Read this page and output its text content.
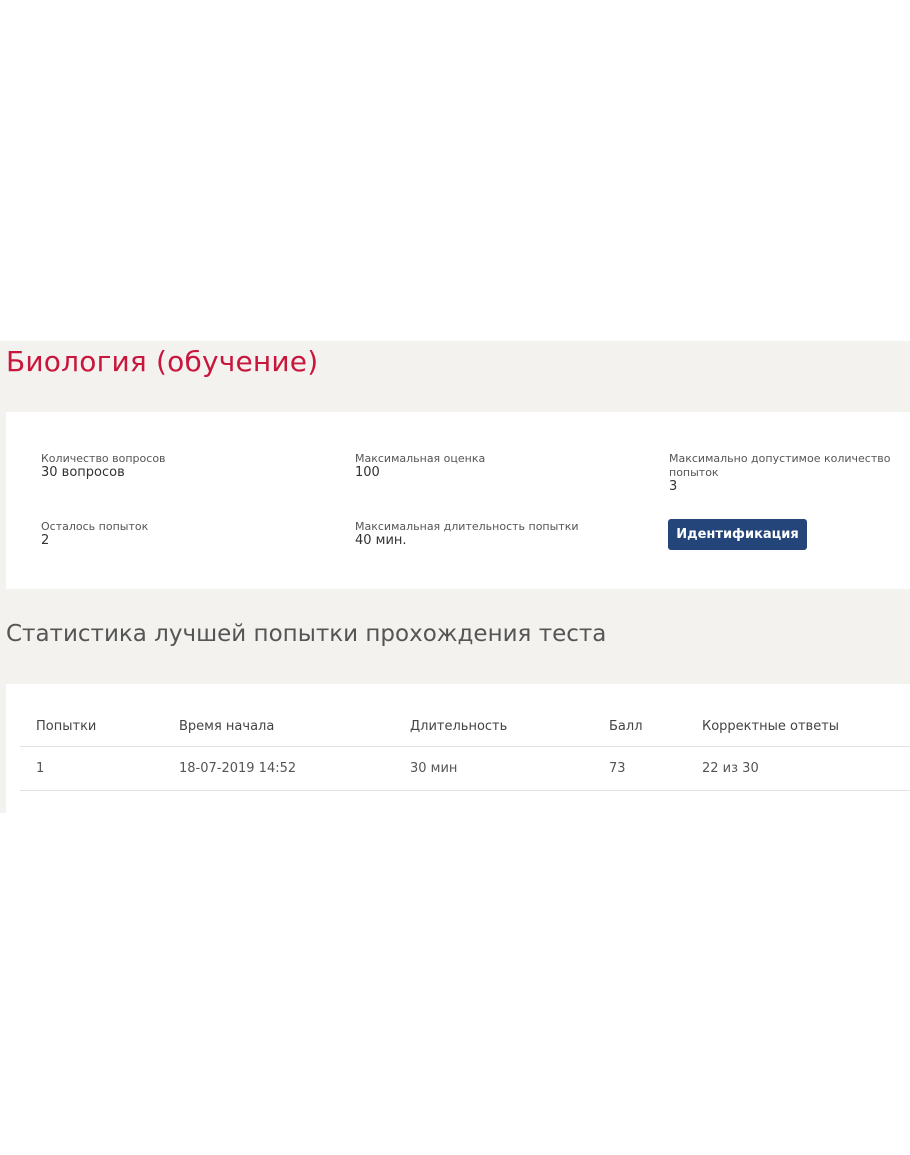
Биология (обучение)
Количество вопросов
30 вопросов
Максимальная оценка
100
Максимально допустимое количество попыток
3
Осталось попыток
2
Максимальная длительность попытки
40 мин.	Идентификация
Статистика лучшей попытки прохождения теста
Попытки	Время начала	Длительность	Балл	Корректные ответы
1	18-07-2019 14:52	30 мин	73	22 из 30
